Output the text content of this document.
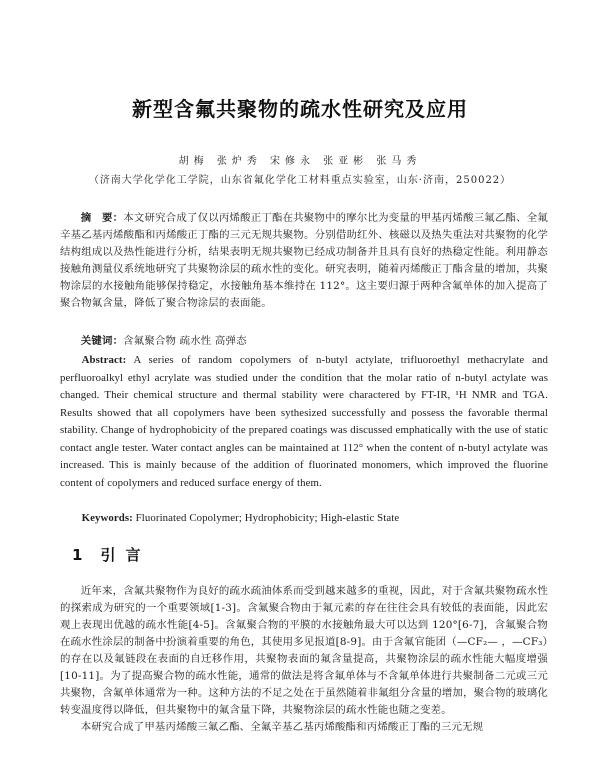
新型含氟共聚物的疏水性研究及应用
胡梅 张炉秀 宋修永 张亚彬 张马秀
（济南大学化学化工学院，山东省氟化学化工材料重点实验室，山东·济南，250022）

摘　要：本文研究合成了仅以丙烯酸正丁酯在共聚物中的摩尔比为变量的甲基丙烯酸三氟乙酯、全氟辛基乙基丙烯酸酯和丙烯酸正丁酯的三元无规共聚物。分别借助红外、核磁以及热失重法对共聚物的化学结构组成以及热性能进行分析，结果表明无规共聚物已经成功制备并且具有良好的热稳定性能。利用静态接触角测量仪系统地研究了共聚物涂层的疏水性的变化。研究表明，随着丙烯酸正丁酯含量的增加，共聚物涂层的水接触角能够保持稳定，水接触角基本维持在 112°。这主要归源于两种含氟单体的加入提高了聚合物氟含量，降低了聚合物涂层的表面能。

关键词：含氟聚合物 疏水性 高弹态

Abstract: A series of random copolymers of n-butyl actylate, trifluoroethyl methacrylate and perfluoroalkyl ethyl acrylate was studied under the condition that the molar ratio of n-butyl actylate was changed. Their chemical structure and thermal stability were charactered by FT-IR, ¹H NMR and TGA. Results showed that all copolymers have been sythesized successfully and possess the favorable thermal stability. Change of hydrophobicity of the prepared coatings was discussed emphatically with the use of static contact angle tester. Water contact angles can be maintained at 112° when the content of n-butyl actylate was increased. This is mainly because of the addition of fluorinated monomers, which improved the fluorine content of copolymers and reduced surface energy of them.

Keywords: Fluorinated Copolymer; Hydrophobicity; High-elastic State

1 引言

近年来，含氟共聚物作为良好的疏水疏油体系而受到越来越多的重视，因此，对于含氟共聚物疏水性的探索成为研究的一个重要领域[1-3]。含氟聚合物由于氟元素的存在往往会具有较低的表面能，因此宏观上表现出优越的疏水性能[4-5]。含氟聚合物的平膜的水接触角最大可以达到 120°[6-7]，含氟聚合物在疏水性涂层的制备中扮演着重要的角色，其使用多见报道[8-9]。由于含氟官能团（—CF₂— ，—CF₃）的存在以及氟链段在表面的自迁移作用，共聚物表面的氟含量提高，共聚物涂层的疏水性能大幅度增强[10-11]。为了提高聚合物的疏水性能，通常的做法是将含氟单体与不含氟单体进行共聚制备二元或三元共聚物，含氟单体通常为一种。这种方法的不足之处在于虽然随着非氟组分含量的增加，聚合物的玻璃化转变温度得以降低，但共聚物中的氟含量下降，共聚物涂层的疏水性能也随之变差。

本研究合成了甲基丙烯酸三氟乙酯、全氟辛基乙基丙烯酸酯和丙烯酸正丁酯的三元无规
